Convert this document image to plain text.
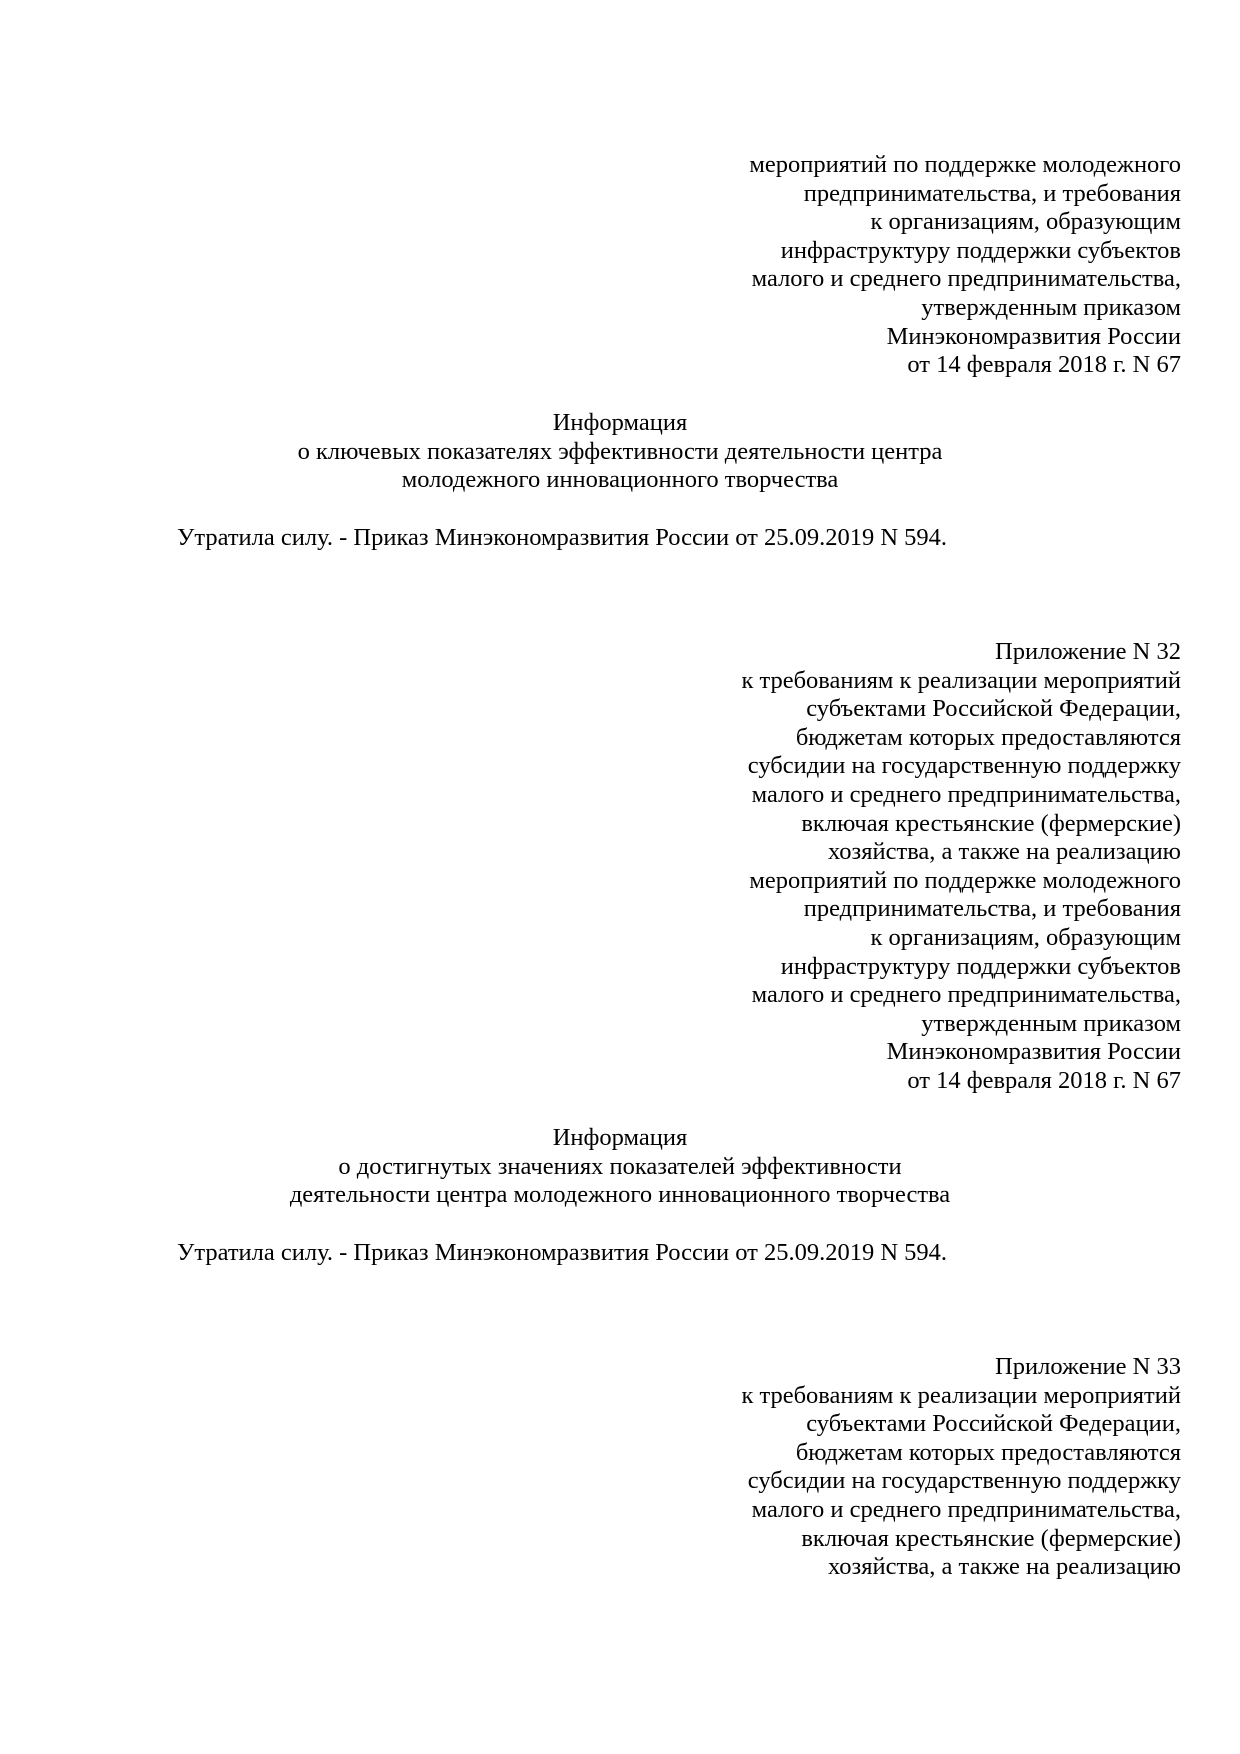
мероприятий по поддержке молодежного
предпринимательства, и требования
к организациям, образующим
инфраструктуру поддержки субъектов
малого и среднего предпринимательства,
утвержденным приказом
Минэкономразвития России
от 14 февраля 2018 г. N 67
Информация
о ключевых показателях эффективности деятельности центра
молодежного инновационного творчества
Утратила силу. - Приказ Минэкономразвития России от 25.09.2019 N 594.
Приложение N 32
к требованиям к реализации мероприятий
субъектами Российской Федерации,
бюджетам которых предоставляются
субсидии на государственную поддержку
малого и среднего предпринимательства,
включая крестьянские (фермерские)
хозяйства, а также на реализацию
мероприятий по поддержке молодежного
предпринимательства, и требования
к организациям, образующим
инфраструктуру поддержки субъектов
малого и среднего предпринимательства,
утвержденным приказом
Минэкономразвития России
от 14 февраля 2018 г. N 67
Информация
о достигнутых значениях показателей эффективности
деятельности центра молодежного инновационного творчества
Утратила силу. - Приказ Минэкономразвития России от 25.09.2019 N 594.
Приложение N 33
к требованиям к реализации мероприятий
субъектами Российской Федерации,
бюджетам которых предоставляются
субсидии на государственную поддержку
малого и среднего предпринимательства,
включая крестьянские (фермерские)
хозяйства, а также на реализацию
